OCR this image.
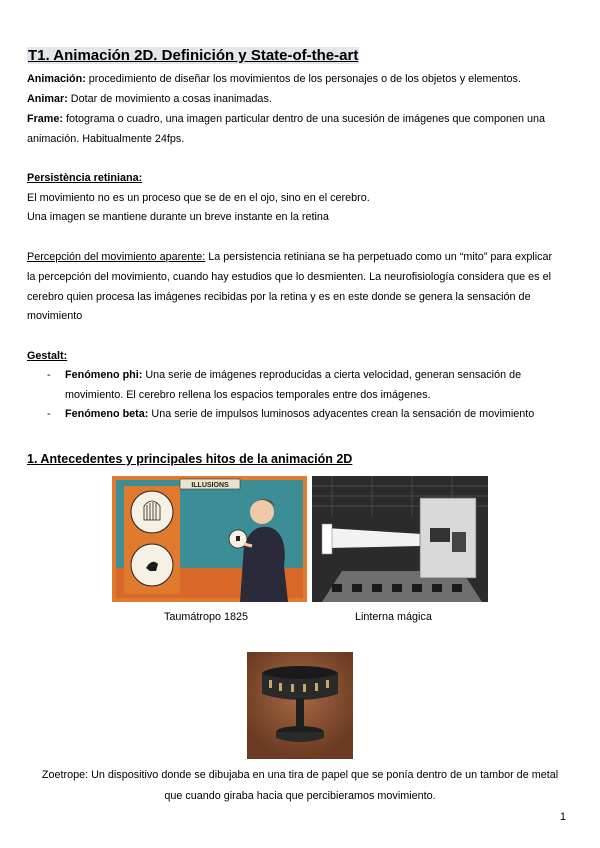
T1. Animación 2D. Definición y State-of-the-art
Animación: procedimiento de diseñar los movimientos de los personajes o de los objetos y elementos.
Animar: Dotar de movimiento a cosas inanimadas.
Frame: fotograma o cuadro, una imagen particular dentro de una sucesión de imágenes que componen una
animación. Habitualmente 24fps.
Persistència retiniana:
El movimiento no es un proceso que se de en el ojo, sino en el cerebro.
Una imagen se mantiene durante un breve instante en la retina
Percepción del movimiento aparente: La persistencia retiniana se ha perpetuado como un “mito” para explicar
la percepción del movimiento, cuando hay estudios que lo desmienten. La neurofisiología considera que es el
cerebro quien procesa las imágenes recibidas por la retina y es en este donde se genera la sensación de
movimiento
Gestalt:
- Fenómeno phi: Una serie de imágenes reproducidas a cierta velocidad, generan sensación de
movimiento. El cerebro rellena los espacios temporales entre dos imágenes.
- Fenómeno beta: Una serie de impulsos luminosos adyacentes crean la sensación de movimiento
1. Antecedentes y principales hitos de la animación 2D
ILLUSIONS
Taumátropo 1825	Linterna mágica
Zoetrope: Un dispositivo donde se dibujaba en una tira de papel que se ponía dentro de un tambor de metal
que cuando giraba hacia que percibieramos movimiento.
1
